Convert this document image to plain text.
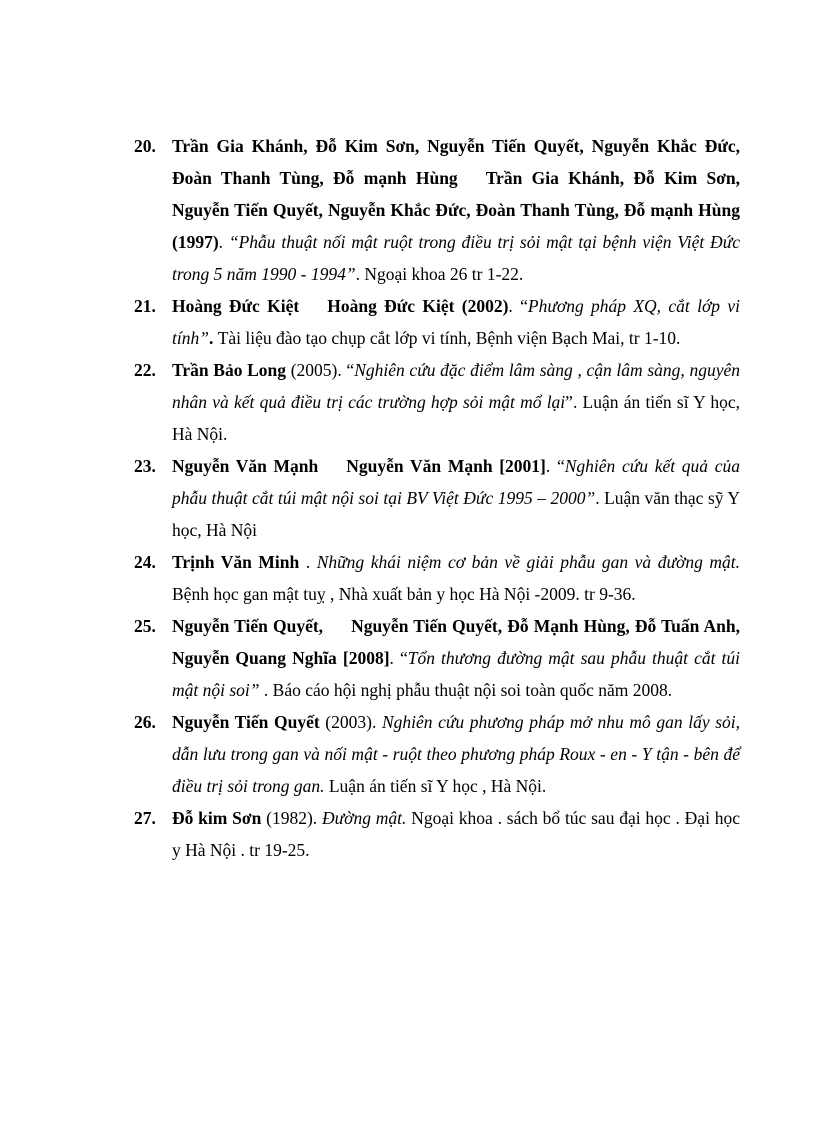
20. Trần Gia Khánh, Đỗ Kim Sơn, Nguyễn Tiến Quyết, Nguyễn Khắc Đức, Đoàn Thanh Tùng, Đỗ mạnh Hùng Trần Gia Khánh, Đỗ Kim Sơn, Nguyễn Tiến Quyết, Nguyễn Khắc Đức, Đoàn Thanh Tùng, Đỗ mạnh Hùng (1997). “Phẫu thuật nối mật ruột trong điều trị sỏi mật tại bệnh viện Việt Đức trong 5 năm 1990 - 1994”. Ngoại khoa 26 tr 1-22.
21. Hoàng Đức Kiệt Hoàng Đức Kiệt (2002). “Phương pháp XQ, cắt lớp vi tính”. Tài liệu đào tạo chụp cắt lớp vi tính, Bệnh viện Bạch Mai, tr 1-10.
22. Trần Bảo Long (2005). “Nghiên cứu đặc điểm lâm sàng , cận lâm sàng, nguyên nhân và kết quả điều trị các trường hợp sỏi mật mổ lại”. Luận án tiến sĩ Y học, Hà Nội.
23. Nguyễn Văn Mạnh Nguyễn Văn Mạnh [2001]. “Nghiên cứu kết quả của phẫu thuật cắt túi mật nội soi tại BV Việt Đức 1995 – 2000”. Luận văn thạc sỹ Y học, Hà Nội
24. Trịnh Văn Minh . Những khái niệm cơ bản về giải phẫu gan và đường mật. Bệnh học gan mật tuỵ , Nhà xuất bản y học Hà Nội -2009. tr 9-36.
25. Nguyễn Tiến Quyết, Nguyễn Tiến Quyết, Đỗ Mạnh Hùng, Đỗ Tuấn Anh, Nguyễn Quang Nghĩa [2008]. “Tổn thương đường mật sau phẫu thuật cắt túi mật nội soi” . Báo cáo hội nghị phẫu thuật nội soi toàn quốc năm 2008.
26. Nguyễn Tiến Quyết (2003). Nghiên cứu phương pháp mở nhu mô gan lấy sỏi, dẫn lưu trong gan và nối mật - ruột theo phương pháp Roux - en - Y tận - bên để điều trị sỏi trong gan. Luận án tiến sĩ Y học , Hà Nội.
27. Đỗ kim Sơn (1982). Đường mật. Ngoại khoa . sách bổ túc sau đại học . Đại học y Hà Nội . tr 19-25.
